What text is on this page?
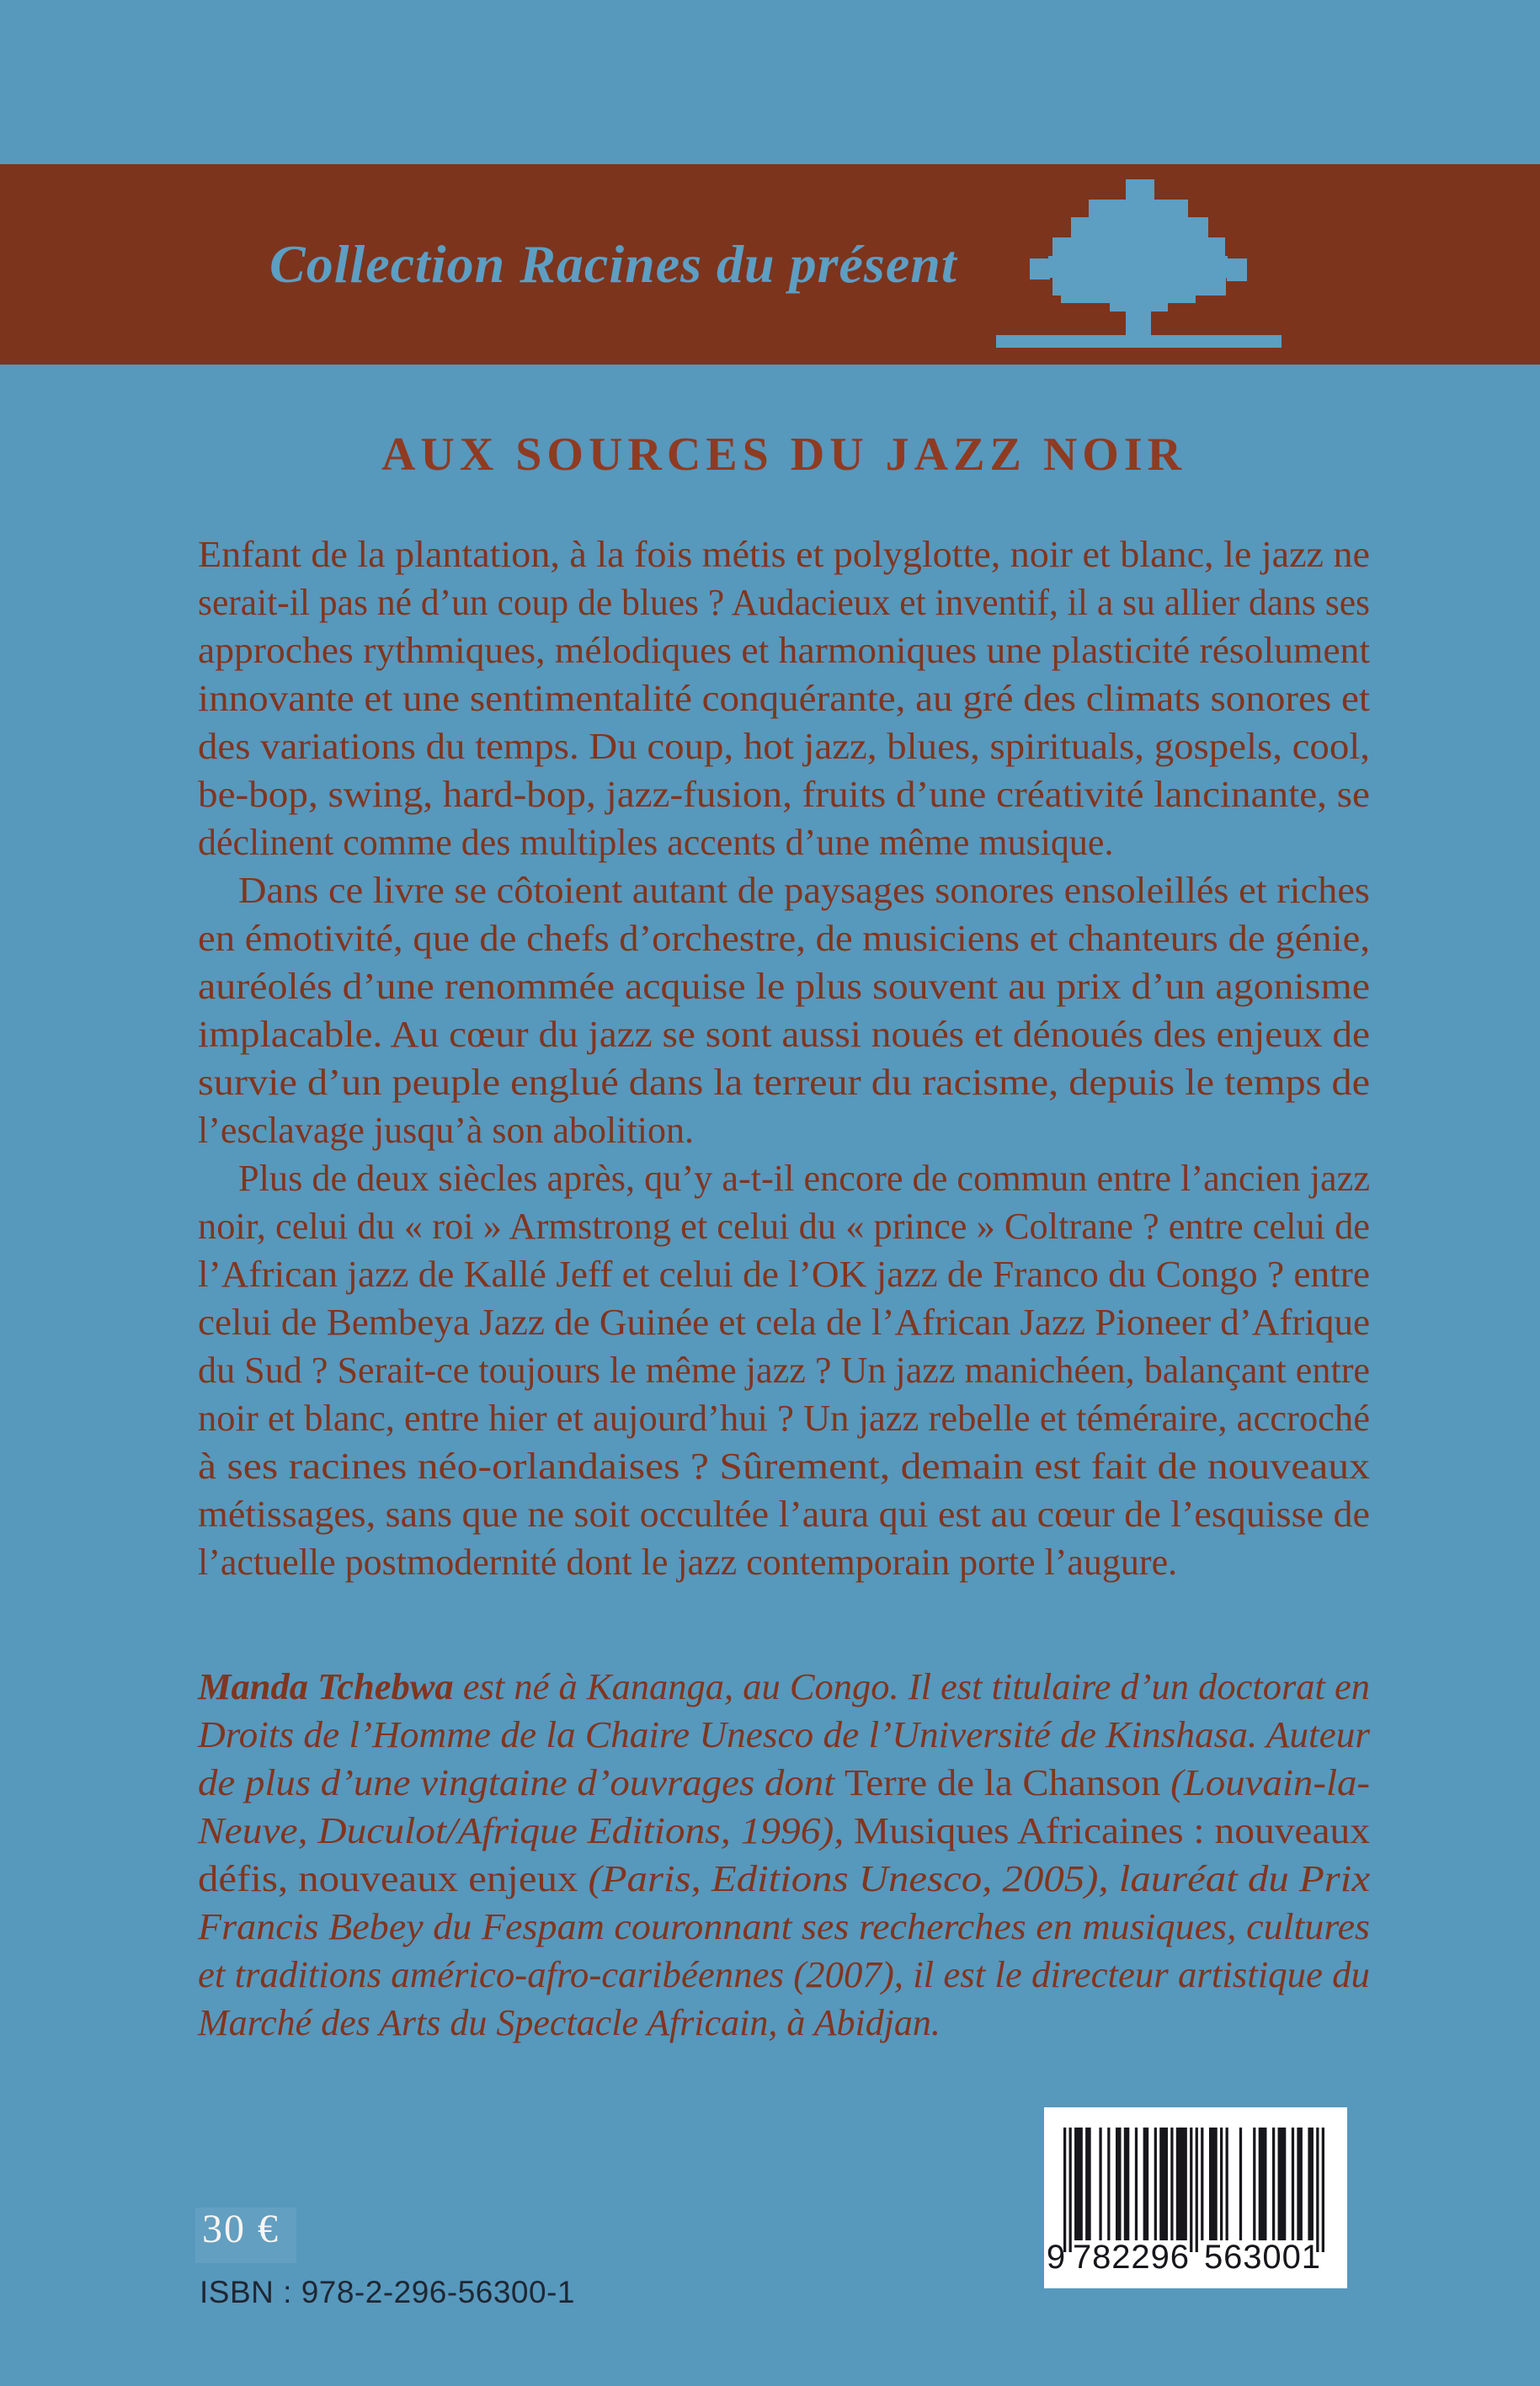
Collection Racines du présent
AUX SOURCES DU JAZZ NOIR
Enfant de la plantation, à la fois métis et polyglotte, noir et blanc, le jazz ne
serait-il pas né d’un coup de blues ? Audacieux et inventif, il a su allier dans ses
approches rythmiques, mélodiques et harmoniques une plasticité résolument
innovante et une sentimentalité conquérante, au gré des climats sonores et
des variations du temps. Du coup, hot jazz, blues, spirituals, gospels, cool,
be-bop, swing, hard-bop, jazz-fusion, fruits d’une créativité lancinante, se
déclinent comme des multiples accents d’une même musique.
Dans ce livre se côtoient autant de paysages sonores ensoleillés et riches
en émotivité, que de chefs d’orchestre, de musiciens et chanteurs de génie,
auréolés d’une renommée acquise le plus souvent au prix d’un agonisme
implacable. Au cœur du jazz se sont aussi noués et dénoués des enjeux de
survie d’un peuple englué dans la terreur du racisme, depuis le temps de
l’esclavage jusqu’à son abolition.
Plus de deux siècles après, qu’y a-t-il encore de commun entre l’ancien jazz
noir, celui du « roi » Armstrong et celui du « prince » Coltrane ? entre celui de
l’African jazz de Kallé Jeff et celui de l’OK jazz de Franco du Congo ? entre
celui de Bembeya Jazz de Guinée et cela de l’African Jazz Pioneer d’Afrique
du Sud ? Serait-ce toujours le même jazz ? Un jazz manichéen, balançant entre
noir et blanc, entre hier et aujourd’hui ? Un jazz rebelle et téméraire, accroché
à ses racines néo-orlandaises ? Sûrement, demain est fait de nouveaux
métissages, sans que ne soit occultée l’aura qui est au cœur de l’esquisse de
l’actuelle postmodernité dont le jazz contemporain porte l’augure.
Manda Tchebwa est né à Kananga, au Congo. Il est titulaire d’un doctorat en
Droits de l’Homme de la Chaire Unesco de l’Université de Kinshasa. Auteur
de plus d’une vingtaine d’ouvrages dont Terre de la Chanson (Louvain-la-
Neuve, Duculot/Afrique Editions, 1996), Musiques Africaines : nouveaux
défis, nouveaux enjeux (Paris, Editions Unesco, 2005), lauréat du Prix
Francis Bebey du Fespam couronnant ses recherches en musiques, cultures
et traditions américo-afro-caribéennes (2007), il est le directeur artistique du
Marché des Arts du Spectacle Africain, à Abidjan.
30 €
ISBN : 978-2-296-56300-1
9 7 8 2 2 9 6 5 6 3 0 0 1
